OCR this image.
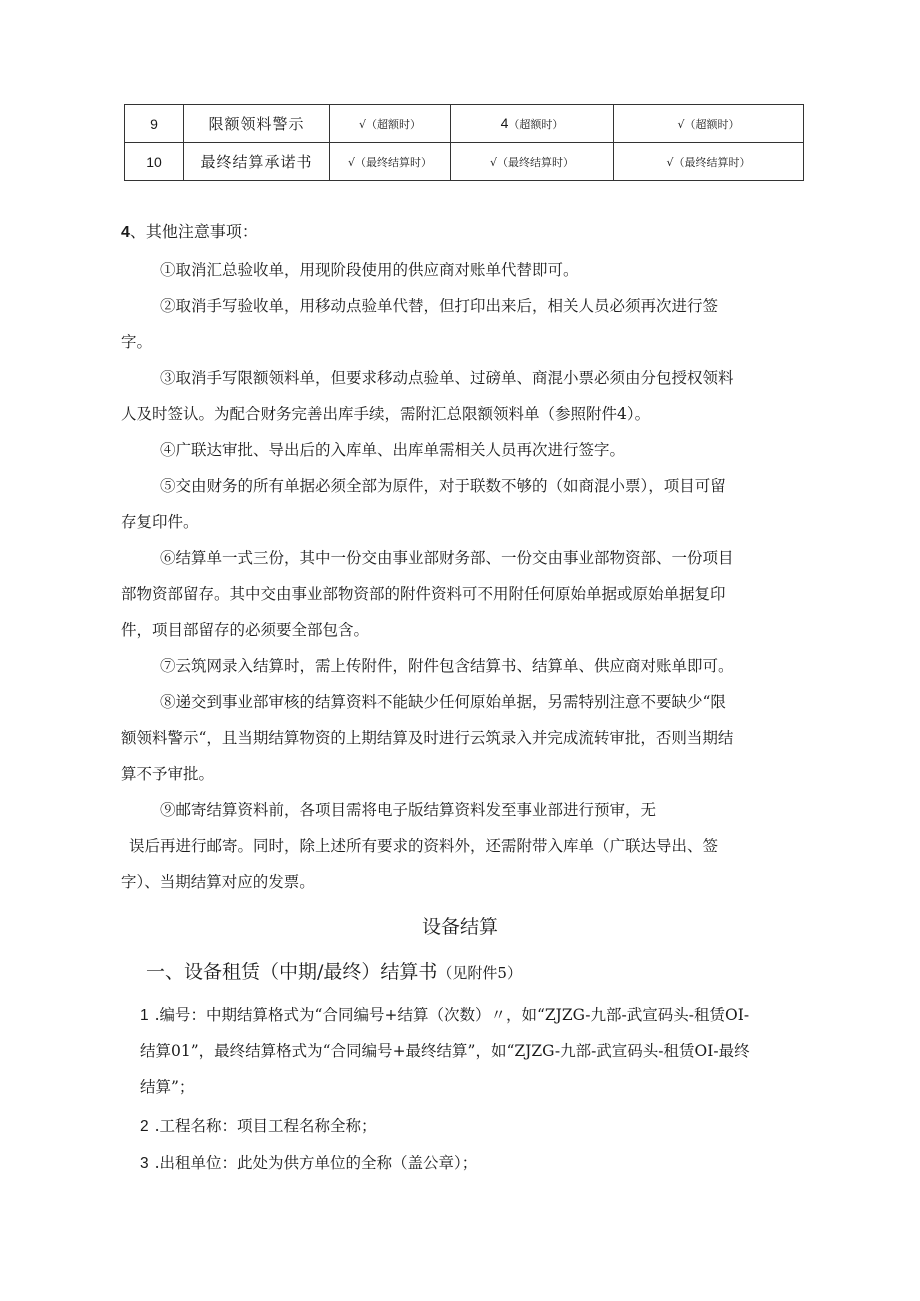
9	限额领料警示	√（超额时）	4（超额时）	√（超额时）
10	最终结算承诺书	√（最终结算时）	√（最终结算时）	√（最终结算时）

4、其他注意事项：

①取消汇总验收单，用现阶段使用的供应商对账单代替即可。

②取消手写验收单，用移动点验单代替，但打印出来后，相关人员必须再次进行签

字。

③取消手写限额领料单，但要求移动点验单、过磅单、商混小票必须由分包授权领料

人及时签认。为配合财务完善出库手续，需附汇总限额领料单（参照附件4）。

④广联达审批、导出后的入库单、出库单需相关人员再次进行签字。

⑤交由财务的所有单据必须全部为原件，对于联数不够的（如商混小票），项目可留

存复印件。

⑥结算单一式三份，其中一份交由事业部财务部、一份交由事业部物资部、一份项目

部物资部留存。其中交由事业部物资部的附件资料可不用附任何原始单据或原始单据复印

件，项目部留存的必须要全部包含。

⑦云筑网录入结算时，需上传附件，附件包含结算书、结算单、供应商对账单即可。

⑧递交到事业部审核的结算资料不能缺少任何原始单据，另需特别注意不要缺少“限

额领料警示“，且当期结算物资的上期结算及时进行云筑录入并完成流转审批，否则当期结

算不予审批。

⑨邮寄结算资料前，各项目需将电子版结算资料发至事业部进行预审，无

误后再进行邮寄。同时，除上述所有要求的资料外，还需附带入库单（广联达导出、签

字）、当期结算对应的发票。

设备结算

一、设备租赁（中期/最终）结算书（见附件5）

1 .编号：中期结算格式为“合同编号+结算（次数）〃，如“ZJZG-九部-武宣码头-租赁OI-

结算01”，最终结算格式为“合同编号+最终结算”，如“ZJZG-九部-武宣码头-租赁OI-最终

结算”；

2 .工程名称：项目工程名称全称；

3 .出租单位：此处为供方单位的全称（盖公章）；
